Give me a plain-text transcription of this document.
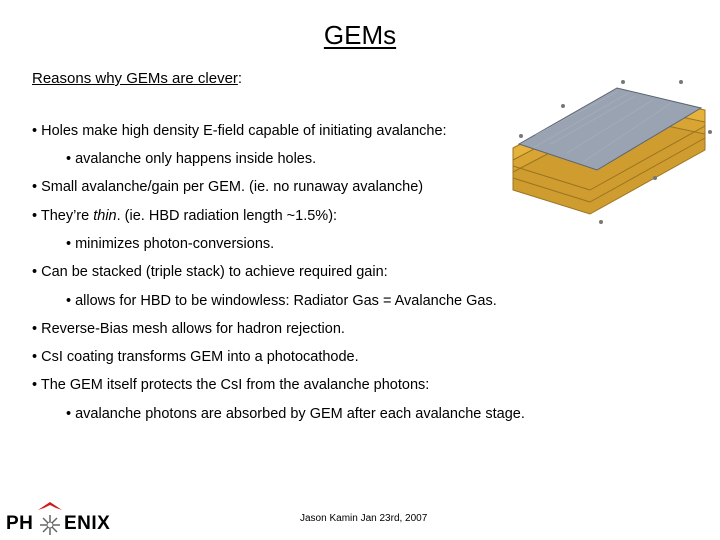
GEMs
Reasons why GEMs are clever:
• Holes make high density E-field capable of initiating avalanche:
• avalanche only happens inside holes.
• Small avalanche/gain per GEM. (ie. no runaway avalanche)
• They’re thin. (ie. HBD radiation length ~1.5%):
• minimizes photon-conversions.
• Can be stacked (triple stack) to achieve required gain:
• allows for HBD to be windowless: Radiator Gas = Avalanche Gas.
• Reverse-Bias mesh allows for hadron rejection.
• CsI coating transforms GEM into a photocathode.
• The GEM itself protects the CsI from the avalanche photons:
• avalanche photons are absorbed by GEM after each avalanche stage.
Jason Kamin Jan 23rd, 2007
PH ENIX
